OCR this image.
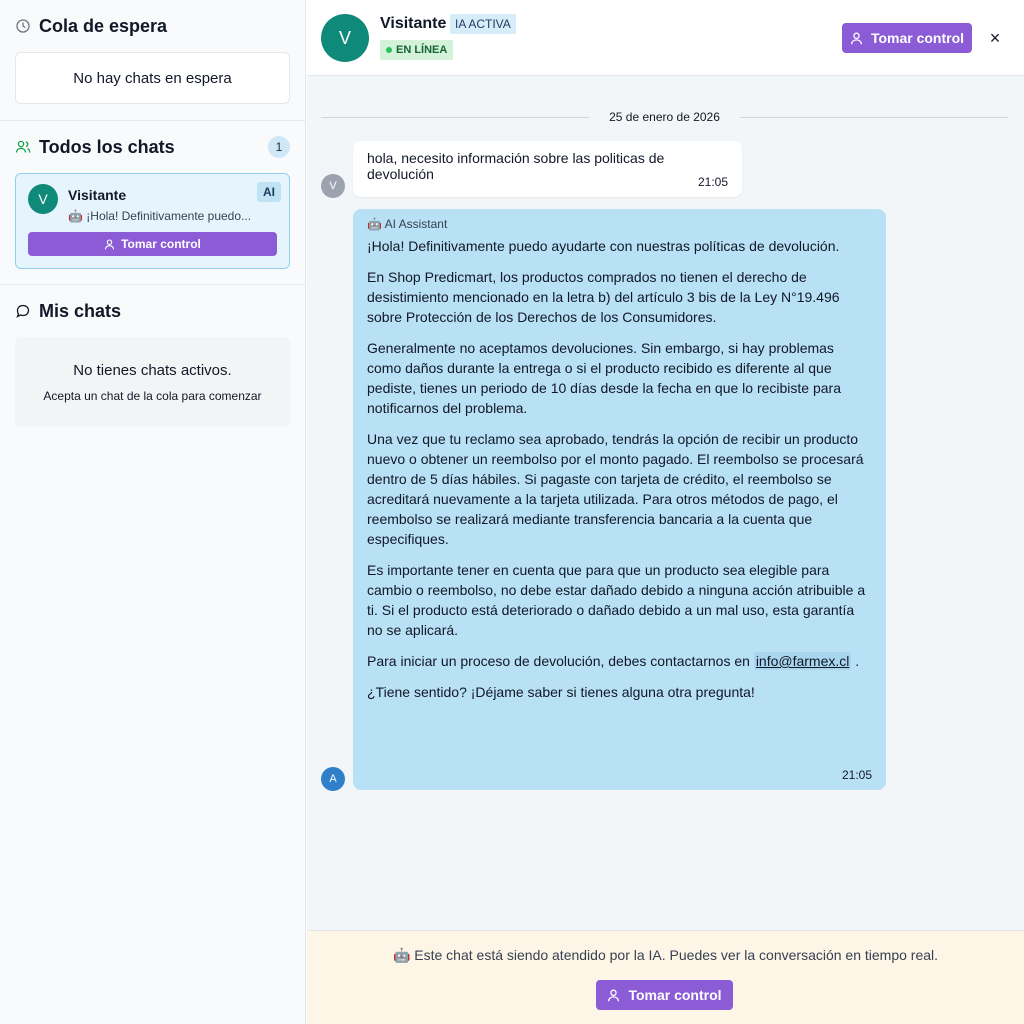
Cola de espera
No hay chats en espera
Todos los chats	1
V	Visitante
🤖 ¡Hola! Definitivamente puedo...
AI
Tomar control
Mis chats
No tienes chats activos.
Acepta un chat de la cola para comenzar
V
Visitante IA ACTIVA
EN LÍNEA
Tomar control ×
25 de enero de 2026
V
hola, necesito información sobre las politicas de devolución	21:05
A
🤖 AI Assistant
¡Hola! Definitivamente puedo ayudarte con nuestras políticas de devolución.
En Shop Predicmart, los productos comprados no tienen el derecho de desistimiento mencionado en la letra b) del artículo 3 bis de la Ley N°19.496 sobre Protección de los Derechos de los Consumidores.
Generalmente no aceptamos devoluciones. Sin embargo, si hay problemas como daños durante la entrega o si el producto recibido es diferente al que pediste, tienes un periodo de 10 días desde la fecha en que lo recibiste para notificarnos del problema.
Una vez que tu reclamo sea aprobado, tendrás la opción de recibir un producto nuevo o obtener un reembolso por el monto pagado. El reembolso se procesará dentro de 5 días hábiles. Si pagaste con tarjeta de crédito, el reembolso se acreditará nuevamente a la tarjeta utilizada. Para otros métodos de pago, el reembolso se realizará mediante transferencia bancaria a la cuenta que especifiques.
Es importante tener en cuenta que para que un producto sea elegible para cambio o reembolso, no debe estar dañado debido a ninguna acción atribuible a ti. Si el producto está deteriorado o dañado debido a un mal uso, esta garantía no se aplicará.
Para iniciar un proceso de devolución, debes contactarnos en info@farmex.cl .
¿Tiene sentido? ¡Déjame saber si tienes alguna otra pregunta!
21:05
🤖 Este chat está siendo atendido por la IA. Puedes ver la conversación en tiempo real.
Tomar control
